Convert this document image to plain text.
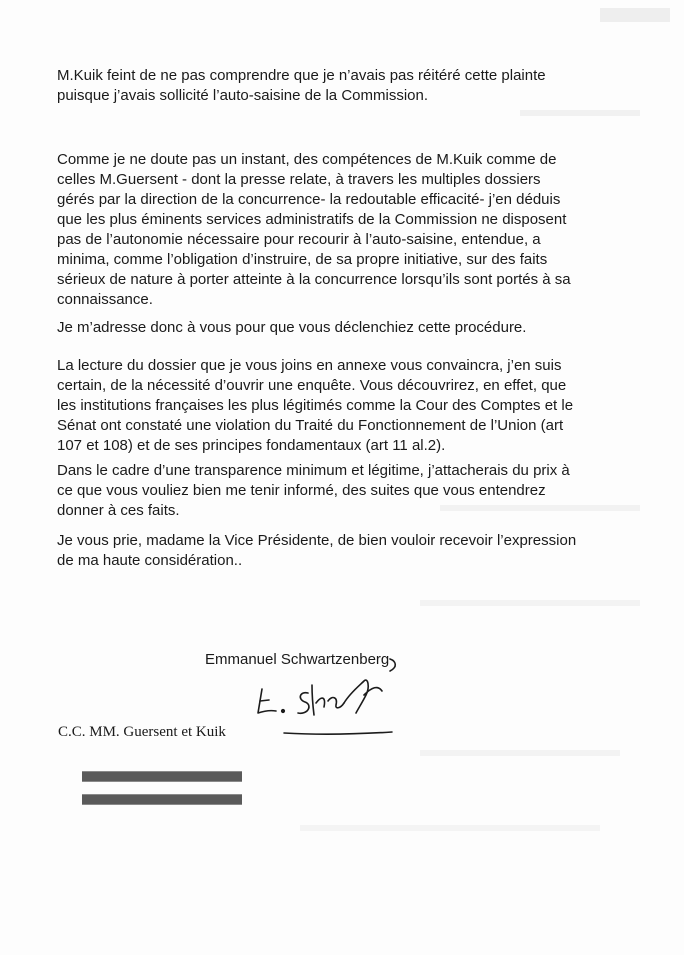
M.Kuik feint de ne pas comprendre que je n’avais pas réitéré cette plainte
puisque j’avais sollicité l’auto-saisine de la Commission.

Comme je ne doute pas un instant, des compétences de M.Kuik comme de
celles M.Guersent - dont la presse relate, à travers les multiples dossiers
gérés par la direction de la concurrence- la redoutable efficacité- j’en déduis
que les plus éminents services administratifs de la Commission ne disposent
pas de l’autonomie nécessaire pour recourir à l’auto-saisine, entendue, a
minima, comme l’obligation d’instruire, de sa propre initiative, sur des faits
sérieux de nature à porter atteinte à la concurrence lorsqu’ils sont portés à sa
connaissance.

Je m’adresse donc à vous pour que vous déclenchiez cette procédure.

La lecture du dossier que je vous joins en annexe vous convaincra, j’en suis
certain, de la nécessité d’ouvrir une enquête. Vous découvrirez, en effet, que
les institutions françaises les plus légitimés comme la Cour des Comptes et le
Sénat ont constaté une violation du Traité du Fonctionnement de l’Union (art
107 et 108) et de ses principes fondamentaux (art 11 al.2).

Dans le cadre d’une transparence minimum et légitime, j’attacherais du prix à
ce que vous vouliez bien me tenir informé, des suites que vous entendrez
donner à ces faits.

Je vous prie, madame la Vice Présidente, de bien vouloir recevoir l’expression
de ma haute considération..

Emmanuel Schwartzenberg
C.C. MM. Guersent et Kuik
